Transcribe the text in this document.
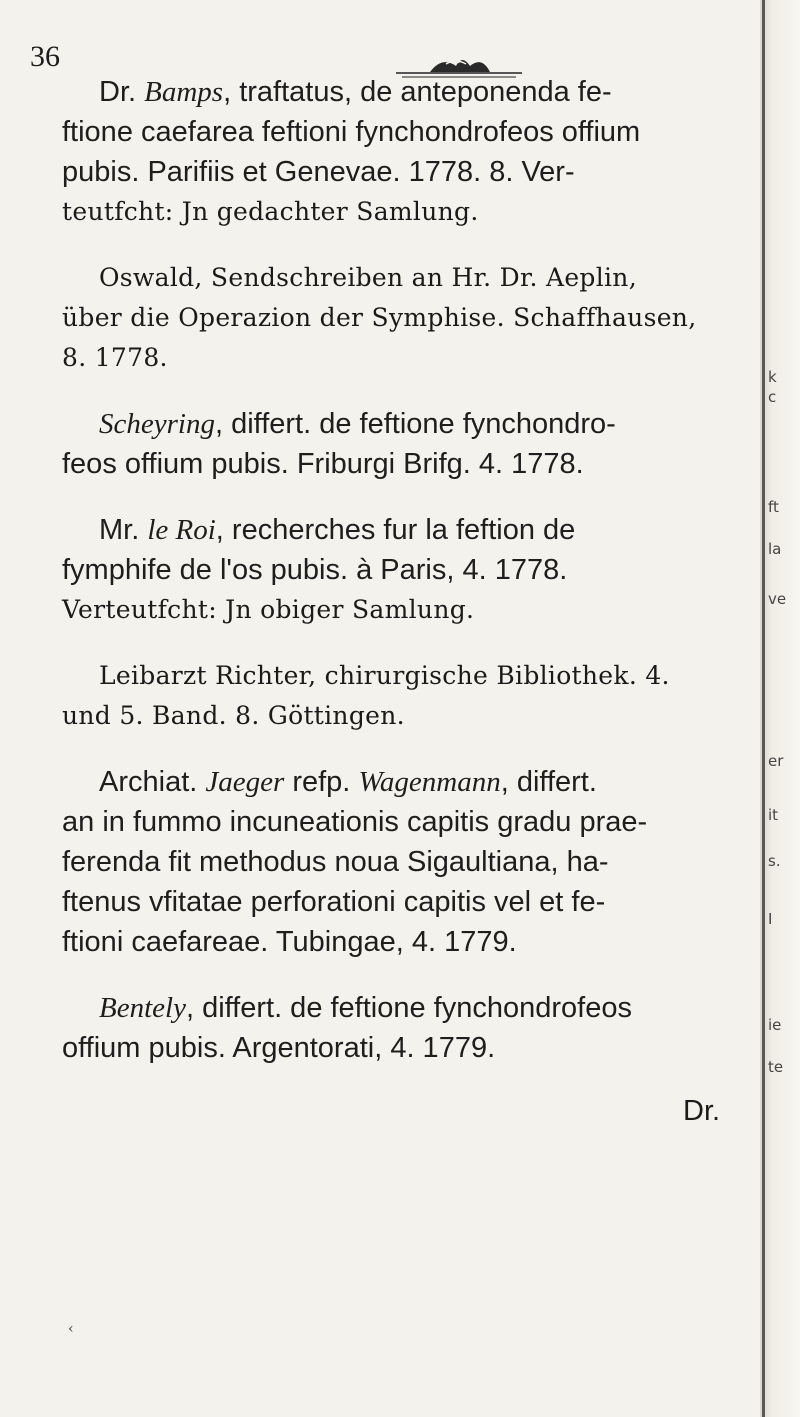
36
Dr. Bamps, traftatus, de anteponenda fe-
ftione caefarea feftioni fynchondrofeos offium
pubis. Parifiis et Genevae. 1778. 8. Ver-
teutfcht: Jn gedachter Samlung.
Oswald, Sendschreiben an Hr. Dr. Aeplin,
über die Operazion der Symphise. Schaffhausen,
8. 1778.
Scheyring, differt. de feftione fynchondro-
feos offium pubis. Friburgi Brifg. 4. 1778.
Mr. le Roi, recherches fur la feftion de
fymphife de l'os pubis. à Paris, 4. 1778.
Verteutfcht: Jn obiger Samlung.
Leibarzt Richter, chirurgische Bibliothek. 4.
und 5. Band. 8. Göttingen.
Archiat. Jaeger refp. Wagenmann, differt.
an in fummo incuneationis capitis gradu prae-
ferenda fit methodus noua Sigaultiana, ha-
ftenus vfitatae perforationi capitis vel et fe-
ftioni caefareae. Tubingae, 4. 1779.
Bentely, differt. de feftione fynchondrofeos
offium pubis. Argentorati, 4. 1779.
Dr.
‹
k
c
ft
la
ve
er
it
s.
I
ie
te
